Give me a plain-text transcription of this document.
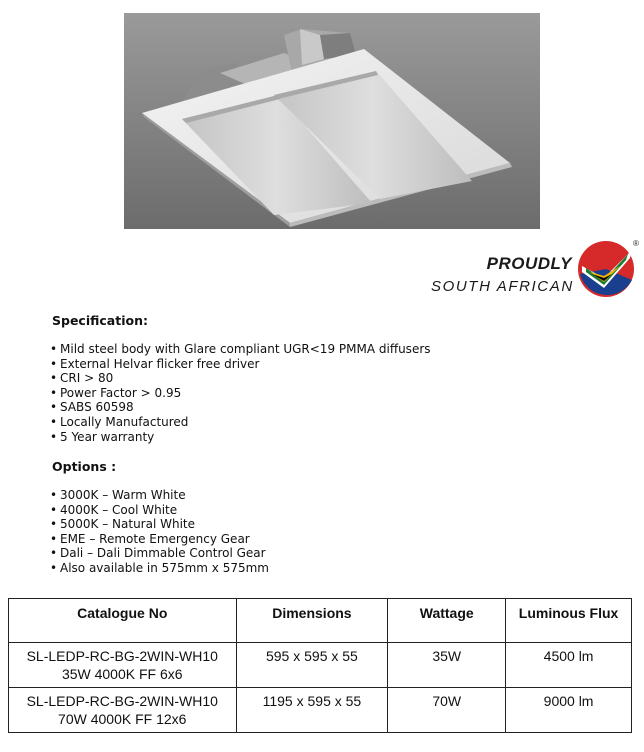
PROUDLY
SOUTH AFRICAN
®
Specification:
• Mild steel body with Glare compliant UGR<19 PMMA diffusers
• External Helvar flicker free driver
• CRI > 80
• Power Factor > 0.95
• SABS 60598
• Locally Manufactured
• 5 Year warranty
Options :
• 3000K – Warm White
• 4000K – Cool White
• 5000K – Natural White
• EME – Remote Emergency Gear
• Dali – Dali Dimmable Control Gear
• Also available in 575mm x 575mm
Catalogue No	Dimensions	Wattage	Luminous Flux

SL-LEDP-RC-BG-2WIN-WH10
35W 4000K FF 6x6	595 x 595 x 55	35W	4500 lm

SL-LEDP-RC-BG-2WIN-WH10
70W 4000K FF 12x6	1195 x 595 x 55	70W	9000 lm
